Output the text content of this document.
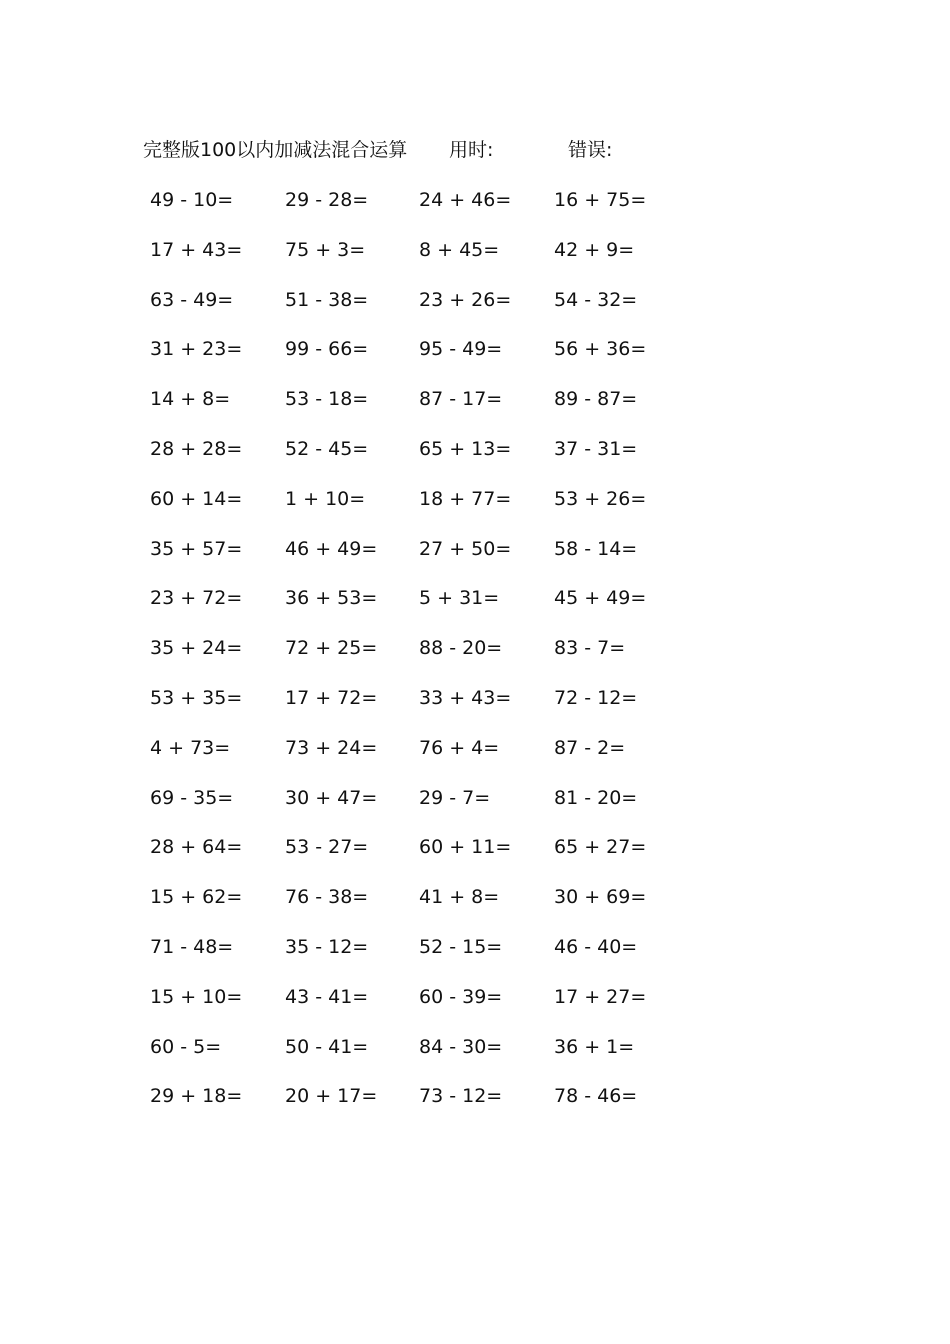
完整版100以内加减法混合运算 用时:	错误:
49 - 10=	29 - 28=	24 + 46= 16 + 75=
17 + 43= 75 + 3=	8 + 45=	42 + 9=
63 - 49=	51 - 38=	23 + 26= 54 - 32=
31 + 23= 99 - 66=	95 - 49=	56 + 36=
14 + 8=	53 - 18=	87 - 17=	89 - 87=
28 + 28= 52 - 45=	65 + 13= 37 - 31=
60 + 14= 1 + 10=	18 + 77= 53 + 26=
35 + 57= 46 + 49= 27 + 50= 58 - 14=
23 + 72= 36 + 53= 5 + 31=	45 + 49=
35 + 24= 72 + 25= 88 - 20=	83 - 7=
53 + 35= 17 + 72= 33 + 43= 72 - 12=
4 + 73=	73 + 24= 76 + 4=	87 - 2=
69 - 35=	30 + 47= 29 - 7=	81 - 20=
28 + 64= 53 - 27=	60 + 11= 65 + 27=
15 + 62= 76 - 38=	41 + 8=	30 + 69=
71 - 48=	35 - 12=	52 - 15=	46 - 40=
15 + 10= 43 - 41=	60 - 39=	17 + 27=
60 - 5=	50 - 41=	84 - 30=	36 + 1=
29 + 18= 20 + 17= 73 - 12=	78 - 46=
